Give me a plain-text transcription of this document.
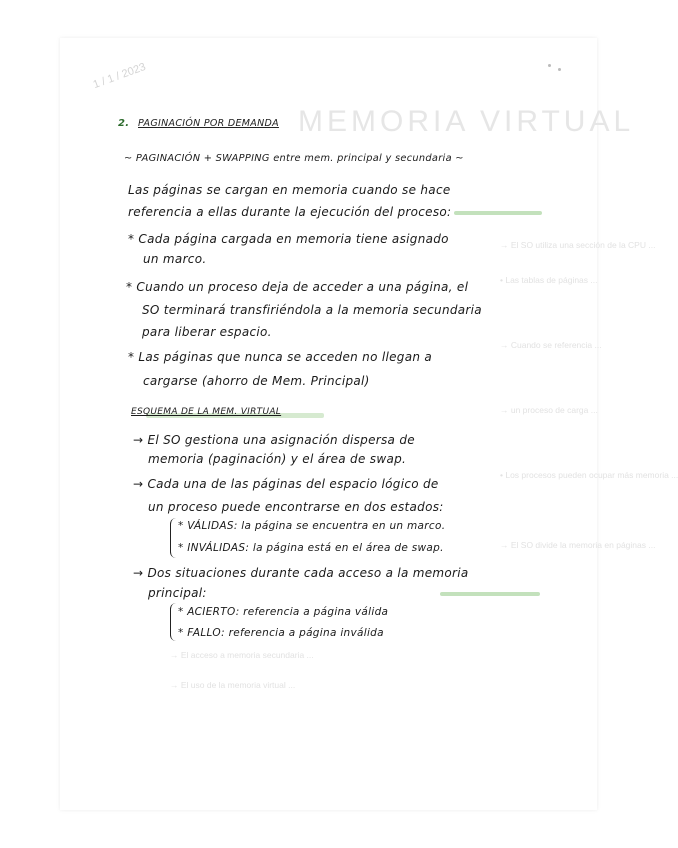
MEMORIA VIRTUAL
1 / 1 / 2023
→ El SO utiliza una sección de la CPU ...
• Las tablas de páginas ...
→ Cuando se referencia ...
→ un proceso de carga ...
• Los procesos pueden ocupar más memoria ...
→ El SO divide la memoria en páginas ...
→ El acceso a memoria secundaria ...
→ El uso de la memoria virtual ...
2. PAGINACIÓN POR DEMANDA
~ PAGINACIÓN + SWAPPING entre mem. principal y secundaria ~
Las páginas se cargan en memoria cuando se hace
referencia a ellas durante la ejecución del proceso:
* Cada página cargada en memoria tiene asignado
un marco.
* Cuando un proceso deja de acceder a una página, el
SO terminará transfiriéndola a la memoria secundaria
para liberar espacio.
* Las páginas que nunca se acceden no llegan a
cargarse (ahorro de Mem. Principal)
ESQUEMA DE LA MEM. VIRTUAL
→ El SO gestiona una asignación dispersa de
memoria (paginación) y el área de swap.
→ Cada una de las páginas del espacio lógico de
un proceso puede encontrarse en dos estados:
* VÁLIDAS: la página se encuentra en un marco.
* INVÁLIDAS: la página está en el área de swap.
→ Dos situaciones durante cada acceso a la memoria
principal:
* ACIERTO: referencia a página válida
* FALLO: referencia a página inválida
